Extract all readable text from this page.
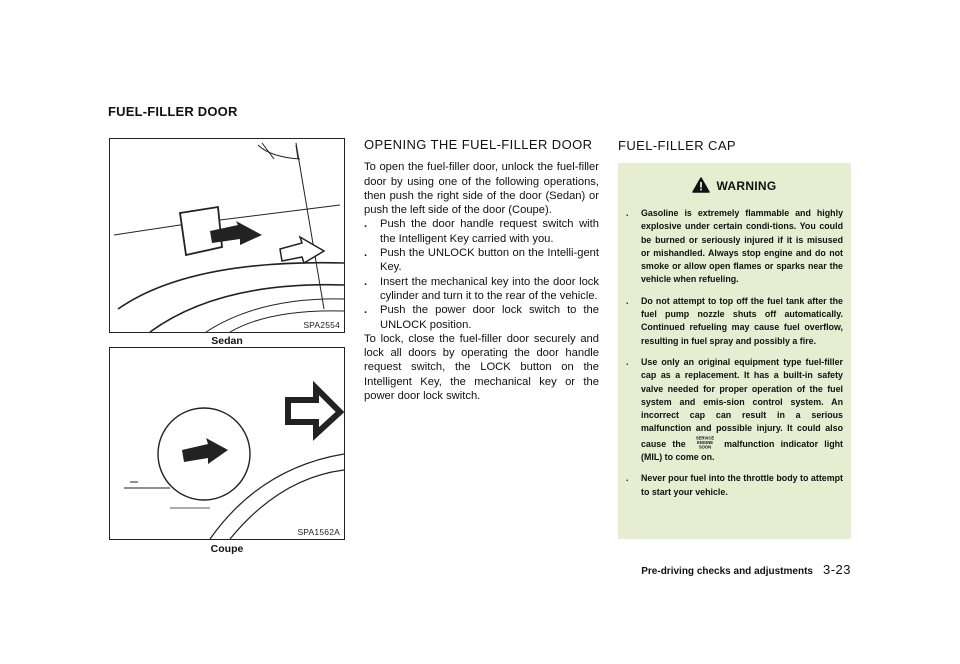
FUEL-FILLER DOOR
SPA2554
Sedan
SPA1562A
Coupe
OPENING THE FUEL-FILLER DOOR

To open the fuel-filler door, unlock the fuel-filler door by using one of the following operations, then push the right side of the door (Sedan) or push the left side of the door (Coupe).

. Push the door handle request switch with the Intelligent Key carried with you.
. Push the UNLOCK button on the Intelli-gent Key.
. Insert the mechanical key into the door lock cylinder and turn it to the rear of the vehicle.
. Push the power door lock switch to the UNLOCK position.

To lock, close the fuel-filler door securely and lock all doors by operating the door handle request switch, the LOCK button on the Intelligent Key, the mechanical key or the power door lock switch.

FUEL-FILLER CAP
WARNING
. Gasoline is extremely flammable and highly explosive under certain condi-tions. You could be burned or seriously injured if it is misused or mishandled. Always stop engine and do not smoke or allow open flames or sparks near the vehicle when refueling.
. Do not attempt to top off the fuel tank after the fuel pump nozzle shuts off automatically. Continued refueling may cause fuel overflow, resulting in fuel spray and possibly a fire.
. Use only an original equipment type fuel-filler cap as a replacement. It has a built-in safety valve needed for proper operation of the fuel system and emis-sion control system. An incorrect cap can result in a serious malfunction and possible injury. It could also cause the
SERVICE
ENGINE
SOON malfunction indicator light (MIL) to come on.
. Never pour fuel into the throttle body to attempt to start your vehicle.
Pre-driving checks and adjustments 3-23
